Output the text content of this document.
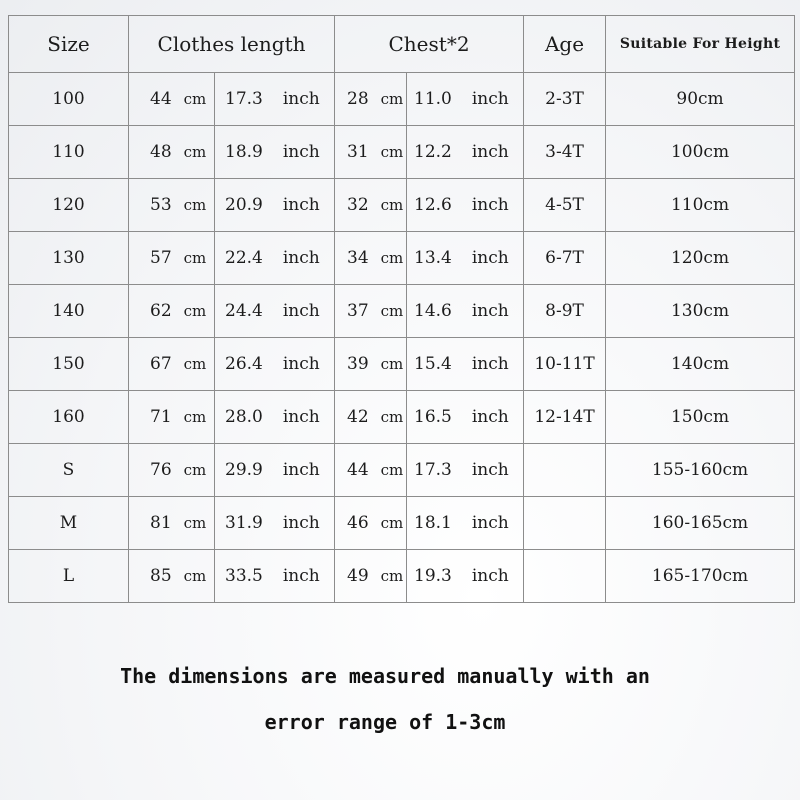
Size	Clothes length		Chest*2		Age	Suitable For Height
100	44 cm	17.3 inch	28 cm	11.0 inch	2-3T	90cm
110	48 cm	18.9 inch	31 cm	12.2 inch	3-4T	100cm
120	53 cm	20.9 inch	32 cm	12.6 inch	4-5T	110cm
130	57 cm	22.4 inch	34 cm	13.4 inch	6-7T	120cm
140	62 cm	24.4 inch	37 cm	14.6 inch	8-9T	130cm
150	67 cm	26.4 inch	39 cm	15.4 inch	10-11T	140cm
160	71 cm	28.0 inch	42 cm	16.5 inch	12-14T	150cm
S	76 cm	29.9 inch	44 cm	17.3 inch		155-160cm
M	81 cm	31.9 inch	46 cm	18.1 inch		160-165cm
L	85 cm	33.5 inch	49 cm	19.3 inch		165-170cm
The dimensions are measured manually with an
error range of 1-3cm
